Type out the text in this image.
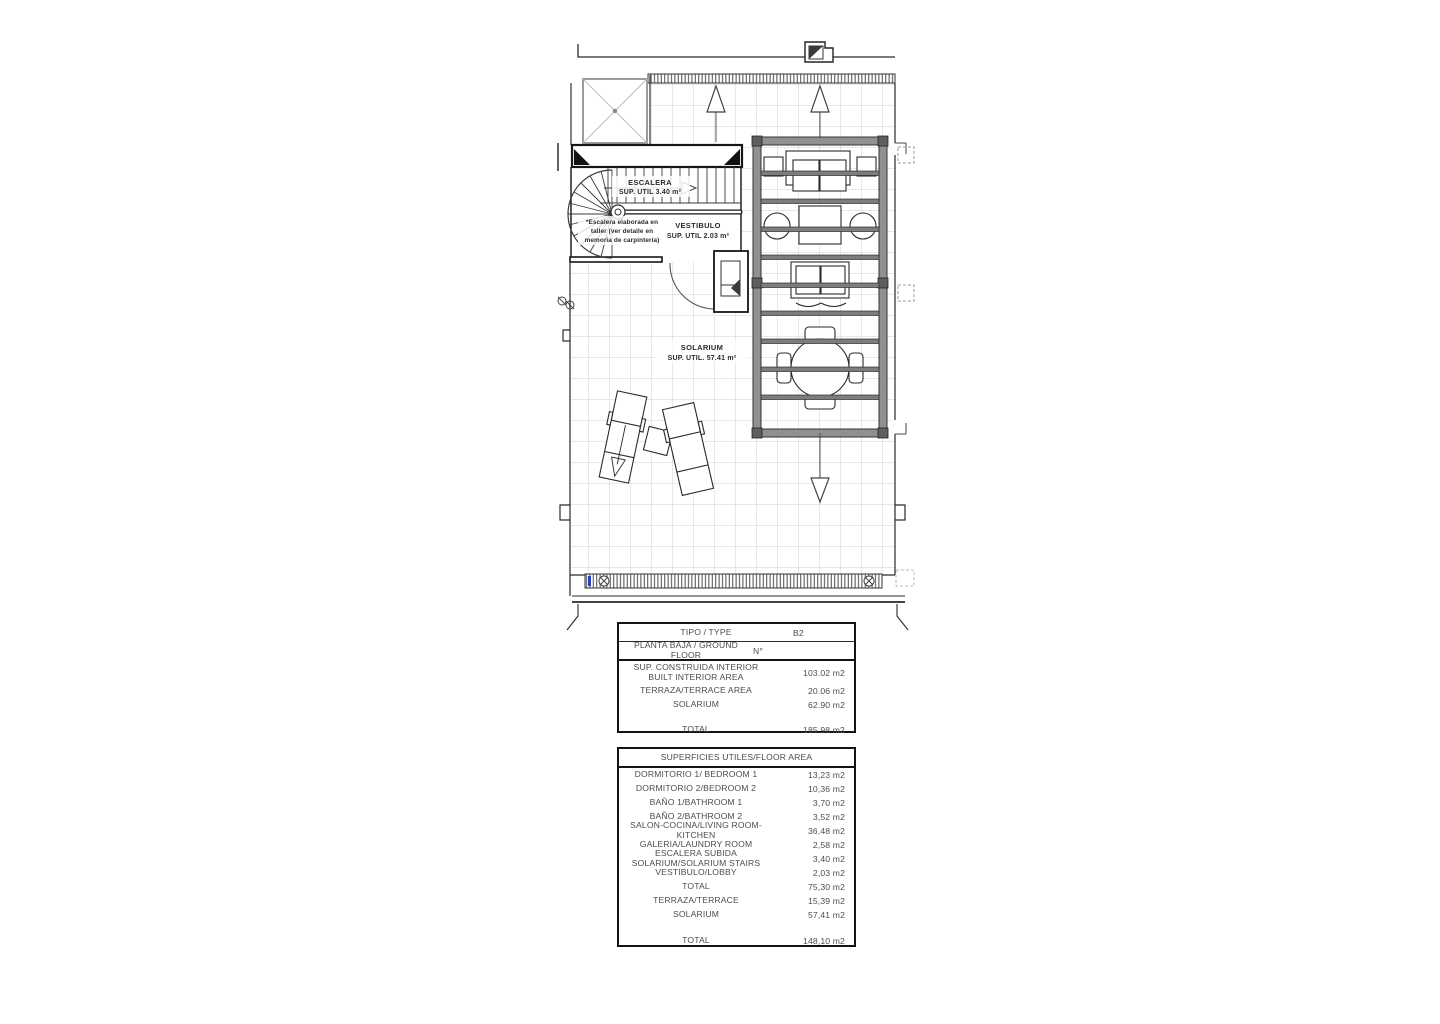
ESCALERA
SUP. UTIL 3.40 m²
*Escalera elaborada en
taller (ver detalle en
memoria de carpintería)
VESTIBULO
SUP. UTIL 2.03 m²
SOLARIUM
SUP. UTIL. 57.41 m²
TIPO / TYPE	B2
PLANTA BAJA / GROUND FLOOR	N°
SUP. CONSTRUIDA INTERIOR
BUILT INTERIOR AREA	103.02 m2
TERRAZA/TERRACE AREA	20.06 m2
SOLARIUM	62.90 m2
TOTAL	185.98 m2
SUPERFICIES UTILES/FLOOR AREA
DORMITORIO 1/ BEDROOM 1	13,23 m2
DORMITORIO 2/BEDROOM 2	10,36 m2
BAÑO 1/BATHROOM 1	3,70 m2
BAÑO 2/BATHROOM 2	3,52 m2
SALON-COCINA/LIVING ROOM-KITCHEN	36,48 m2
GALERIA/LAUNDRY ROOM	2,58 m2
ESCALERA SUBIDA SOLARIUM/SOLARIUM STAIRS	3,40 m2
VESTIBULO/LOBBY	2,03 m2
TOTAL	75,30 m2
TERRAZA/TERRACE	15,39 m2
SOLARIUM	57,41 m2
TOTAL	148,10 m2
